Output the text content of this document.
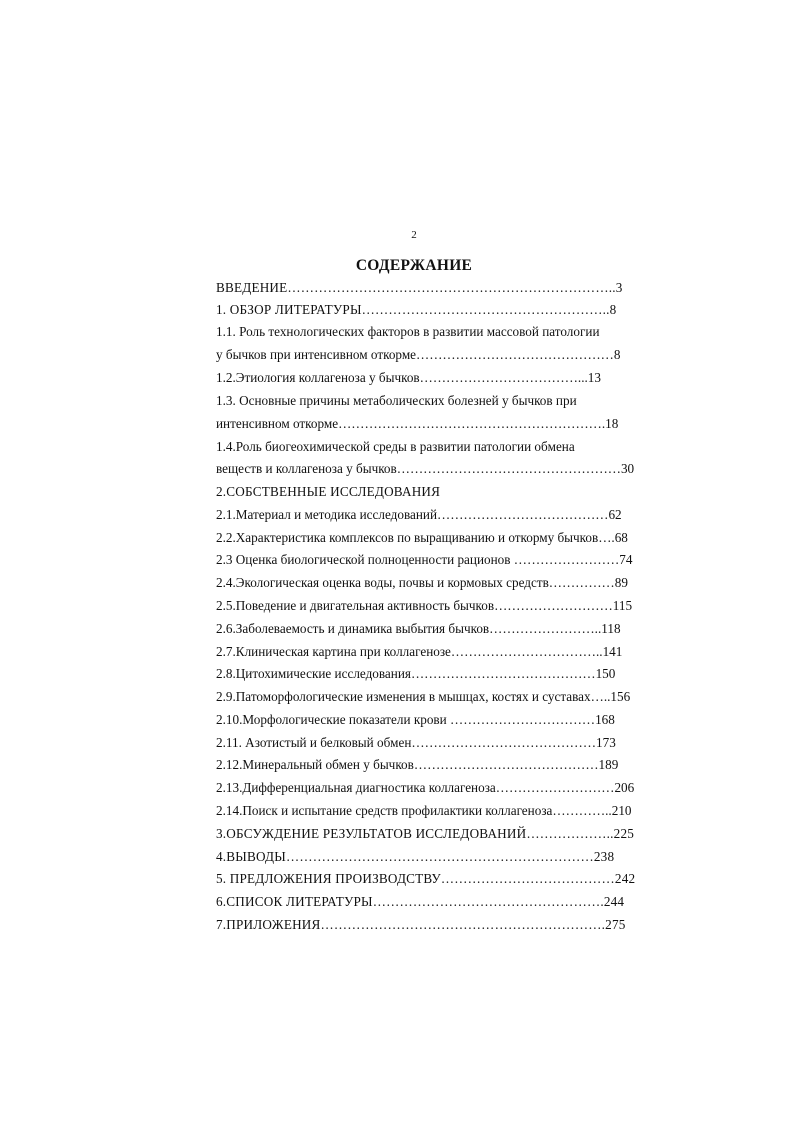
2
СОДЕРЖАНИЕ
ВВЕДЕНИЕ………………………………………………………………..3
1. ОБЗОР ЛИТЕРАТУРЫ………………………………………………..8
1.1. Роль технологических факторов в развитии массовой патологии
у бычков при интенсивном откорме………………………………………8
1.2.Этиология коллагеноза у бычков………………………………...13
1.3. Основные причины метаболических болезней у бычков при
интенсивном откорме…………………………………………………….18
1.4.Роль биогеохимической среды в развитии патологии обмена
веществ и коллагеноза у бычков……………………………………………30
2.СОБСТВЕННЫЕ ИССЛЕДОВАНИЯ
2.1.Материал и методика исследований…………………………………62
2.2.Характеристика комплексов по выращиванию и откорму бычков….68
2.3 Оценка биологической полноценности рационов ……………………74
2.4.Экологическая оценка воды, почвы и кормовых средств……………89
2.5.Поведение и двигательная активность бычков………………………115
2.6.Заболеваемость и динамика выбытия бычков……………………..118
2.7.Клиническая картина при коллагенозе……………………………..141
2.8.Цитохимические исследования……………………………………150
2.9.Патоморфологические изменения в мышцах, костях и суставах…..156
2.10.Морфологические показатели крови ……………………………168
2.11. Азотистый и белковый обмен……………………………………173
2.12.Минеральный обмен у бычков……………………………………189
2.13.Дифференциальная диагностика коллагеноза………………………206
2.14.Поиск и испытание средств профилактики коллагеноза…………..210
3.ОБСУЖДЕНИЕ РЕЗУЛЬТАТОВ ИССЛЕДОВАНИЙ………………..225
4.ВЫВОДЫ……………………………………………………………238
5. ПРЕДЛОЖЕНИЯ ПРОИЗВОДСТВУ…………………………………242
6.СПИСОК ЛИТЕРАТУРЫ…………………………………………….244
7.ПРИЛОЖЕНИЯ……………………………………………………….275
